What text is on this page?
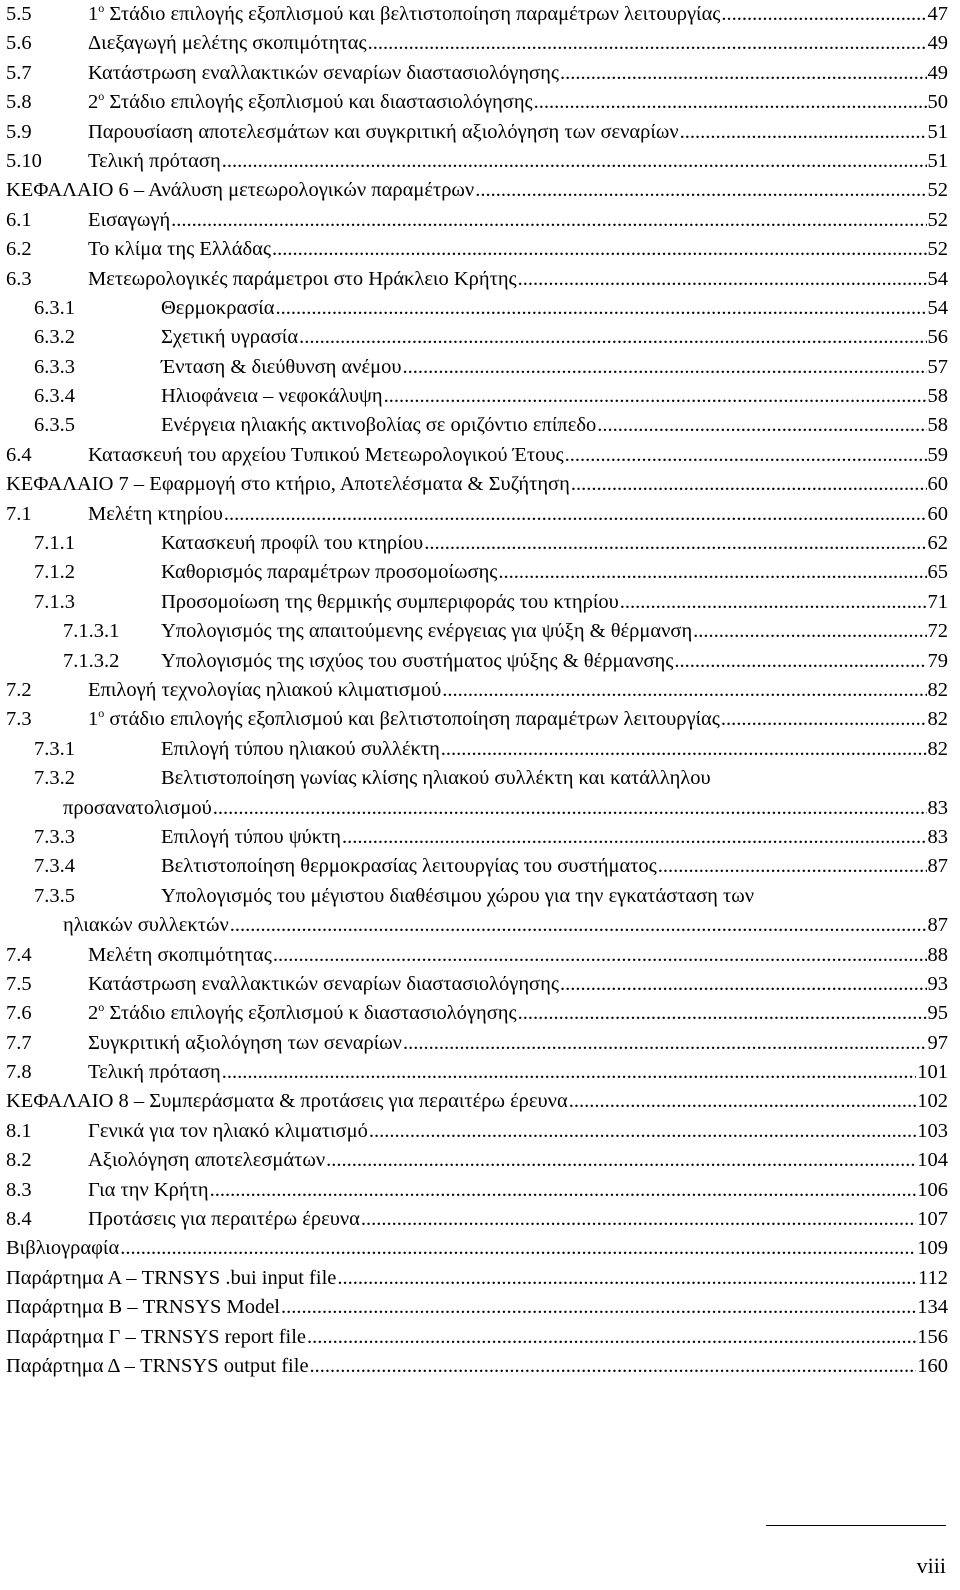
5.5	$1^o$ Στάδιο επιλογής εξοπλισμού και βελτιστοποίηση παραμέτρων λειτουργίας .....	47
5.6	Διεξαγωγή μελέτης σκοπιμότητας .....	49
5.7	Κατάστρωση εναλλακτικών σεναρίων διαστασιολόγησης .....	49
5.8	$2^o$ Στάδιο επιλογής εξοπλισμού και διαστασιολόγησης .....	50
5.9	Παρουσίαση αποτελεσμάτων και συγκριτική αξιολόγηση των σεναρίων .....	51
5.10 Τελική πρόταση .....	51
ΚΕΦΑΛΑΙΟ 6 – Ανάλυση μετεωρολογικών παραμέτρων .....	52
6.1	Εισαγωγή .....	52
6.2	Το κλίμα της Ελλάδας .....	52
6.3	Μετεωρολογικές παράμετροι στο Ηράκλειο Κρήτης .....	54
6.3.1	Θερμοκρασία .....	54
6.3.2	Σχετική υγρασία .....	56
6.3.3	Ένταση & διεύθυνση ανέμου .....	57
6.3.4	Ηλιοφάνεια – νεφοκάλυψη .....	58
6.3.5	Ενέργεια ηλιακής ακτινοβολίας σε οριζόντιο επίπεδο .....	58
6.4	Κατασκευή του αρχείου Τυπικού Μετεωρολογικού Έτους .....	59
ΚΕΦΑΛΑΙΟ 7 – Εφαρμογή στο κτήριο, Αποτελέσματα & Συζήτηση .....	60
7.1	Μελέτη κτηρίου .....	60
7.1.1	Κατασκευή προφίλ του κτηρίου .....	62
7.1.2	Καθορισμός παραμέτρων προσομοίωσης .....	65
7.1.3	Προσομοίωση της θερμικής συμπεριφοράς του κτηρίου .....	71
7.1.3.1 Υπολογισμός της απαιτούμενης ενέργειας για ψύξη & θέρμανση .....	72
7.1.3.2 Υπολογισμός της ισχύος του συστήματος ψύξης & θέρμανσης .....	79
7.2	Επιλογή τεχνολογίας ηλιακού κλιματισμού .....	82
7.3	$1^o$ στάδιο επιλογής εξοπλισμού και βελτιστοποίηση παραμέτρων λειτουργίας .....	82
7.3.1	Επιλογή τύπου ηλιακού συλλέκτη .....	82
7.3.2	Βελτιστοποίηση γωνίας κλίσης ηλιακού συλλέκτη και κατάλληλου
προσανατολισμού .....	83
7.3.3	Επιλογή τύπου ψύκτη .....	83
7.3.4	Βελτιστοποίηση θερμοκρασίας λειτουργίας του συστήματος .....	87
7.3.5	Υπολογισμός του μέγιστου διαθέσιμου χώρου για την εγκατάσταση των
ηλιακών συλλεκτών .....	87
7.4	Μελέτη σκοπιμότητας .....	88
7.5	Κατάστρωση εναλλακτικών σεναρίων διαστασιολόγησης .....	93
7.6	$2^o$ Στάδιο επιλογής εξοπλισμού κ διαστασιολόγησης .....	95
7.7	Συγκριτική αξιολόγηση των σεναρίων .....	97
7.8	Τελική πρόταση .....	101
ΚΕΦΑΛΑΙΟ 8 – Συμπεράσματα & προτάσεις για περαιτέρω έρευνα .....	102
8.1	Γενικά για τον ηλιακό κλιματισμό .....	103
8.2	Αξιολόγηση αποτελεσμάτων .....	104
8.3	Για την Κρήτη .....	106
8.4	Προτάσεις για περαιτέρω έρευνα .....	107
Βιβλιογραφία .....	109
Παράρτημα Α – TRNSYS .bui input file .....	112
Παράρτημα Β – TRNSYS Model .....	134
Παράρτημα Γ – TRNSYS report file .....	156
Παράρτημα Δ – TRNSYS output file .....	160
viii
